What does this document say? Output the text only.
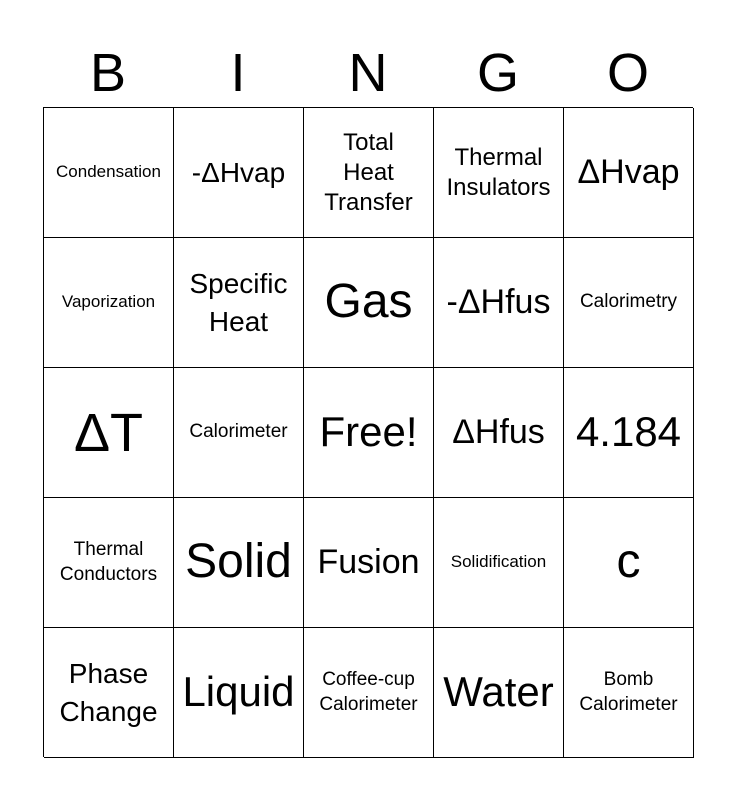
B	I	N	G	O
Condensation	-ΔHvap
Total
Heat
Transfer
Thermal
Insulators ΔHvap
Vaporization
Specific
Heat	Gas	-ΔHfus	Calorimetry
ΔT	Calorimeter Free!	ΔHfus 4.184
Thermal
Conductors Solid Fusion	Solidification	c
Phase
Change Liquid	Coffee-cup
Calorimeter Water	Bomb
Calorimeter
